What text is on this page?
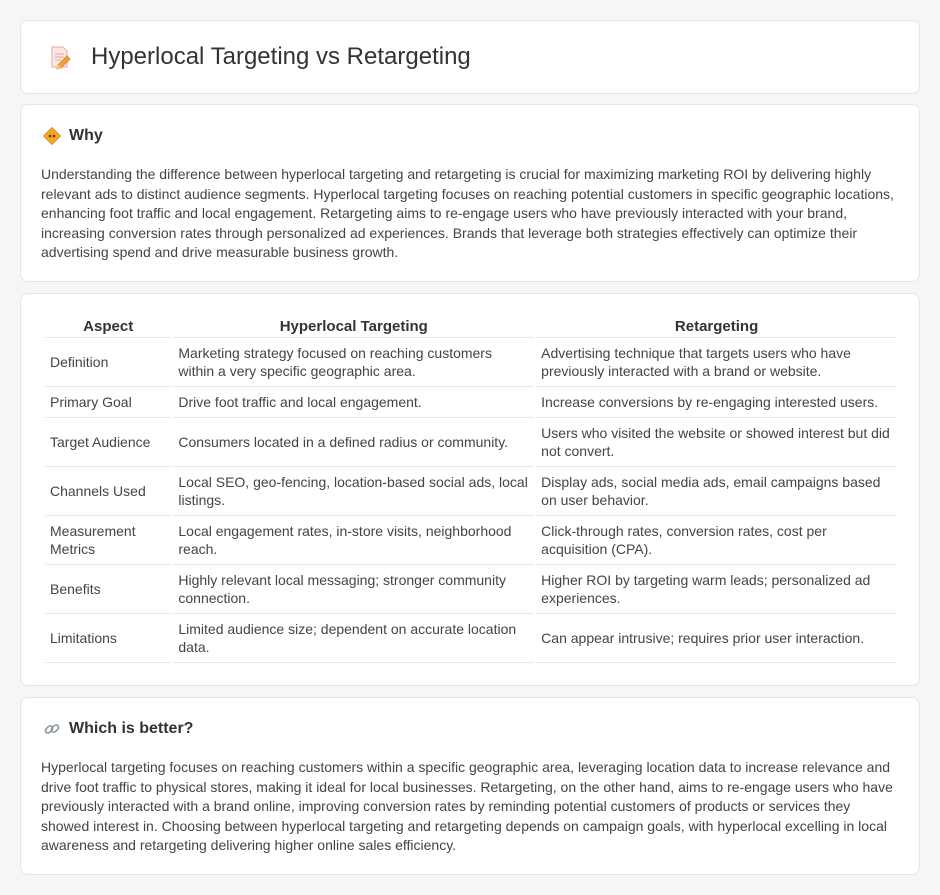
Hyperlocal Targeting vs Retargeting
Why

Understanding the difference between hyperlocal targeting and retargeting is crucial for maximizing marketing ROI by delivering highly relevant ads to distinct audience segments. Hyperlocal targeting focuses on reaching potential customers in specific geographic locations, enhancing foot traffic and local engagement. Retargeting aims to re-engage users who have previously interacted with your brand, increasing conversion rates through personalized ad experiences. Brands that leverage both strategies effectively can optimize their advertising spend and drive measurable business growth.

Aspect	Hyperlocal Targeting	Retargeting
Definition	Marketing strategy focused on reaching customers within a very specific geographic area.	Advertising technique that targets users who have previously interacted with a brand or website.
Primary Goal	Drive foot traffic and local engagement.	Increase conversions by re-engaging interested users.
Target Audience	Consumers located in a defined radius or community.	Users who visited the website or showed interest but did not convert.
Channels Used	Local SEO, geo-fencing, location-based social ads, local listings.	Display ads, social media ads, email campaigns based on user behavior.
Measurement Metrics	Local engagement rates, in-store visits, neighborhood reach.	Click-through rates, conversion rates, cost per acquisition (CPA).
Benefits	Highly relevant local messaging; stronger community connection.	Higher ROI by targeting warm leads; personalized ad experiences.
Limitations	Limited audience size; dependent on accurate location data.	Can appear intrusive; requires prior user interaction.
Which is better?

Hyperlocal targeting focuses on reaching customers within a specific geographic area, leveraging location data to increase relevance and drive foot traffic to physical stores, making it ideal for local businesses. Retargeting, on the other hand, aims to re-engage users who have previously interacted with a brand online, improving conversion rates by reminding potential customers of products or services they showed interest in. Choosing between hyperlocal targeting and retargeting depends on campaign goals, with hyperlocal excelling in local awareness and retargeting delivering higher online sales efficiency.
